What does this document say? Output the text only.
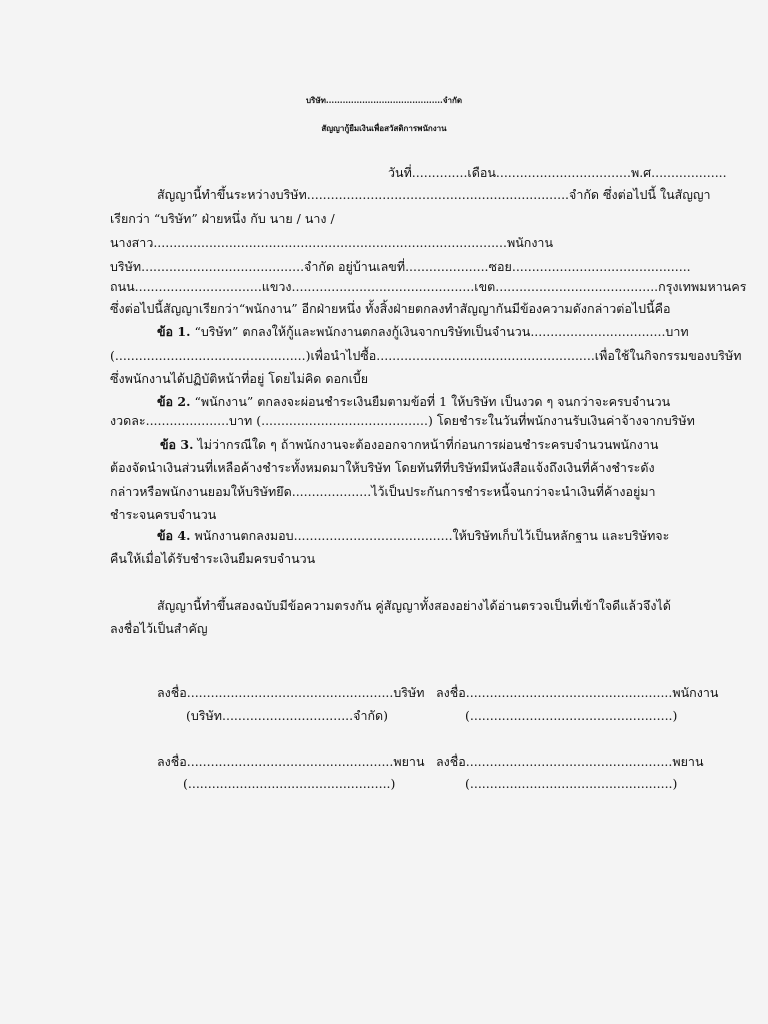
บริษัท..........................................จำกัด
สัญญากู้ยืมเงินเพื่อสวัสดิการพนักงาน
วันที่..............เดือน..................................พ.ศ...................
สัญญานี้ทำขึ้นระหว่างบริษัท..................................................................จำกัด ซึ่งต่อไปนี้ ในสัญญา
เรียกว่า “บริษัท” ฝ่ายหนึ่ง กับ นาย / นาง /
นางสาว.........................................................................................พนักงาน
บริษัท.........................................จำกัด อยู่บ้านเลขที่.....................ซอย.............................................
ถนน................................แขวง..............................................เขต.........................................กรุงเทพมหานคร
ซึ่งต่อไปนี้สัญญาเรียกว่า“พนักงาน” อีกฝ่ายหนึ่ง ทั้งสิ้งฝ่ายตกลงทำสัญญากันมีข้องความดังกล่าวต่อไปนี้คือ
ข้อ 1. “บริษัท” ตกลงให้กู้และพนักงานตกลงกู้เงินจากบริษัทเป็นจำนวน..................................บาท
(................................................)เพื่อนำไปซื้อ.......................................................เพื่อใช้ในกิจกรรมของบริษัท
ซึ่งพนักงานได้ปฏิบัติหน้าที่อยู่ โดยไม่คิด ดอกเบี้ย
ข้อ 2. “พนักงาน” ตกลงจะผ่อนชำระเงินยืมตามข้อที่ 1 ให้บริษัท เป็นงวด ๆ จนกว่าจะครบจำนวน
งวดละ.....................บาท (..........................................) โดยชำระในวันที่พนักงานรับเงินค่าจ้างจากบริษัท
ข้อ 3. ไม่ว่ากรณีใด ๆ ถ้าพนักงานจะต้องออกจากหน้าที่ก่อนการผ่อนชำระครบจำนวนพนักงาน
ต้องจัดนำเงินส่วนที่เหลือค้างชำระทั้งหมดมาให้บริษัท โดยทันทีที่บริษัทมีหนังสือแจ้งถึงเงินที่ค้างชำระดัง
กล่าวหรือพนักงานยอมให้บริษัทยึด....................ไว้เป็นประกันการชำระหนี้จนกว่าจะนำเงินที่ค้างอยู่มา
ชำระจนครบจำนวน
ข้อ 4. พนักงานตกลงมอบ........................................ให้บริษัทเก็บไว้เป็นหลักฐาน และบริษัทจะ
คืนให้เมื่อได้รับชำระเงินยืมครบจำนวน
สัญญานี้ทำขึ้นสองฉบับมีข้อความตรงกัน คู่สัญญาทั้งสองอย่างได้อ่านตรวจเป็นที่เข้าใจดีแล้วจึงได้
ลงชื่อไว้เป็นสำคัญ
ลงชื่อ....................................................บริษัท
(บริษัท.................................จำกัด)
ลงชื่อ....................................................พนักงาน
(...................................................)
ลงชื่อ....................................................พยาน
(...................................................)
ลงชื่อ....................................................พยาน
(...................................................)
